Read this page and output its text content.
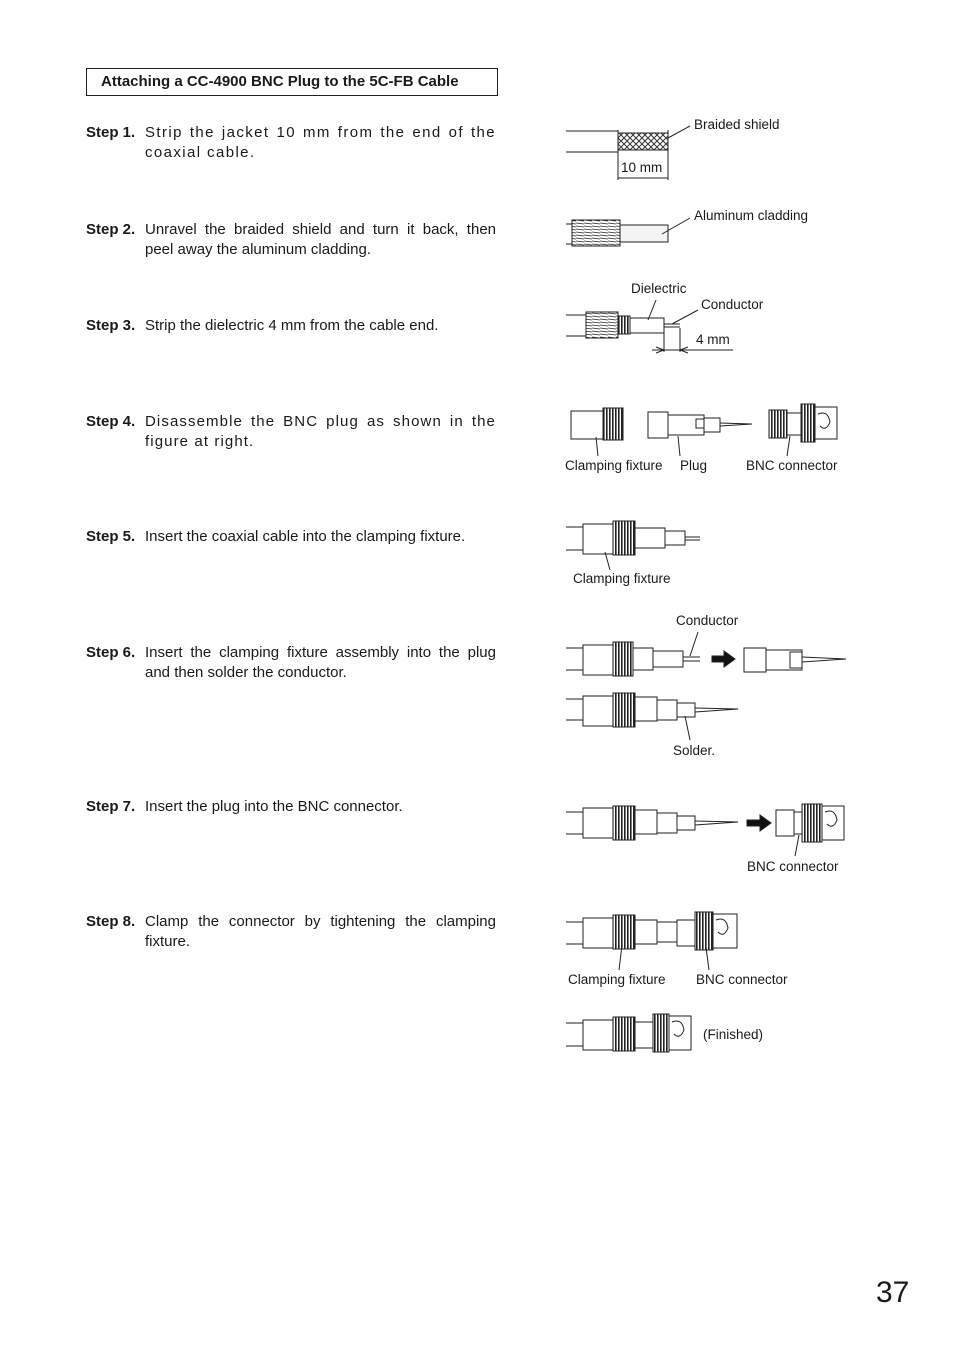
Attaching a CC-4900 BNC Plug to the 5C-FB Cable
Step 1. Strip the jacket 10 mm from the end of the coaxial cable.
Step 2. Unravel the braided shield and turn it back, then peel away the aluminum cladding.
Step 3. Strip the dielectric 4 mm from the cable end.
Step 4. Disassemble the BNC plug as shown in the figure at right.
Step 5. Insert the coaxial cable into the clamping fixture.
Step 6. Insert the clamping fixture assembly into the plug and then solder the conductor.
Step 7. Insert the plug into the BNC connector.
Step 8. Clamp the connector by tightening the clamping fixture.
Braided shield
10 mm
Aluminum cladding
Dielectric
Conductor
4 mm
Clamping fixture Plug	BNC connector
Clamping fixture
Conductor
Solder.
BNC connector
Clamping fixture BNC connector
(Finished)
37
